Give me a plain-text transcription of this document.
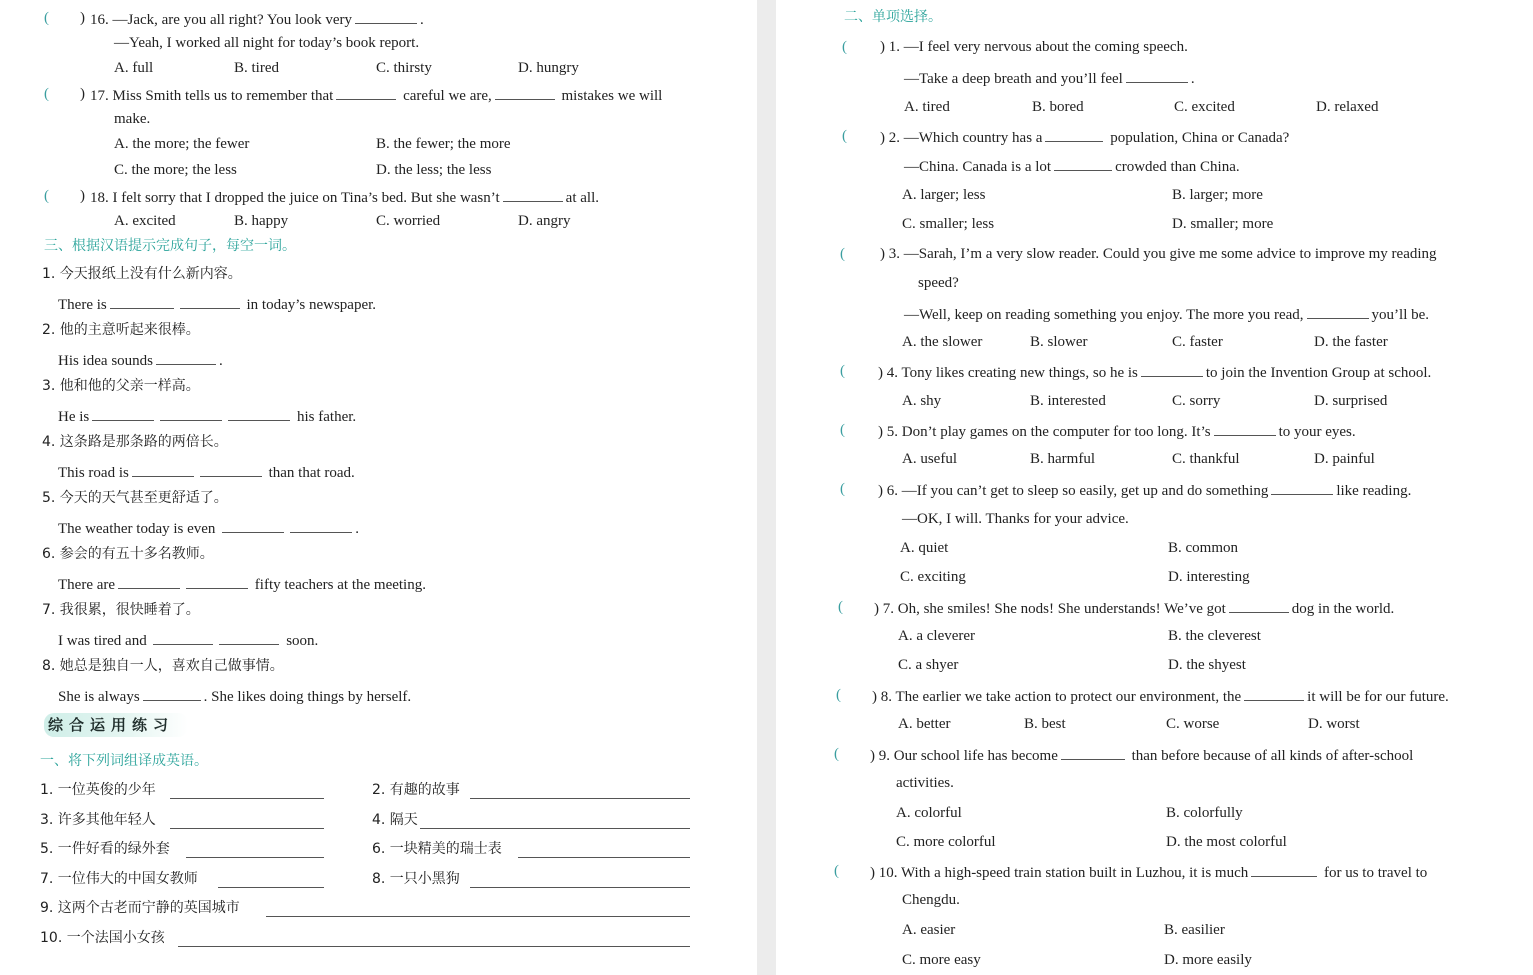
( ) 16. —Jack, are you all right? You look very	.
—Yeah, I worked all night for today’s book report.
A. full	B. tired	C. thirsty	D. hungry
( ) 17. Miss Smith tells us to remember that	careful we are,	mistakes we will
make.
A. the more; the fewer	B. the fewer; the more
C. the more; the less	D. the less; the less
( ) 18. I felt sorry that I dropped the juice on Tina’s bed. But she wasn’t	at all.
A. excited	B. happy	C. worried	D. angry
三、根据汉语提示完成句子，每空一词。
1. 今天报纸上没有什么新内容。
There is	in today’s newspaper.
2. 他的主意听起来很棒。
His idea sounds	.
3. 他和他的父亲一样高。
He is	his father.
4. 这条路是那条路的两倍长。
This road is	than that road.
5. 今天的天气甚至更舒适了。
The weather today is even	.
6. 参会的有五十多名教师。
There are	fifty teachers at the meeting.
7. 我很累，很快睡着了。
I was tired and	soon.
8. 她总是独自一人，喜欢自己做事情。
She is always	. She likes doing things by herself.
综合运用练习
一、将下列词组译成英语。
1. 一位英俊的少年	2. 有趣的故事
3. 许多其他年轻人	4. 隔天
5. 一件好看的绿外套	6. 一块精美的瑞士表
7. 一位伟大的中国女教师	8. 一只小黑狗
9. 这两个古老而宁静的英国城市
10. 一个法国小女孩
二、单项选择。
( ) 1. —I feel very nervous about the coming speech.
—Take a deep breath and you’ll feel	.
A. tired	B. bored	C. excited	D. relaxed
( ) 2. —Which country has a	population, China or Canada?
—China. Canada is a lot	crowded than China.
A. larger; less	B. larger; more
C. smaller; less	D. smaller; more
( ) 3. —Sarah, I’m a very slow reader. Could you give me some advice to improve my reading
speed?
—Well, keep on reading something you enjoy. The more you read,	you’ll be.
A. the slower	B. slower	C. faster	D. the faster
( ) 4. Tony likes creating new things, so he is	to join the Invention Group at school.
A. shy	B. interested	C. sorry	D. surprised
( ) 5. Don’t play games on the computer for too long. It’s	to your eyes.
A. useful	B. harmful	C. thankful	D. painful
( ) 6. —If you can’t get to sleep so easily, get up and do something	like reading.
—OK, I will. Thanks for your advice.
A. quiet	B. common
C. exciting	D. interesting
( ) 7. Oh, she smiles! She nods! She understands! We’ve got	dog in the world.
A. a cleverer	B. the cleverest
C. a shyer	D. the shyest
( ) 8. The earlier we take action to protect our environment, the	it will be for our future.
A. better	B. best	C. worse	D. worst
( ) 9. Our school life has become	than before because of all kinds of after-school
activities.
A. colorful	B. colorfully
C. more colorful	D. the most colorful
( ) 10. With a high-speed train station built in Luzhou, it is much	for us to travel to
Chengdu.
A. easier	B. easilier
C. more easy	D. more easily
